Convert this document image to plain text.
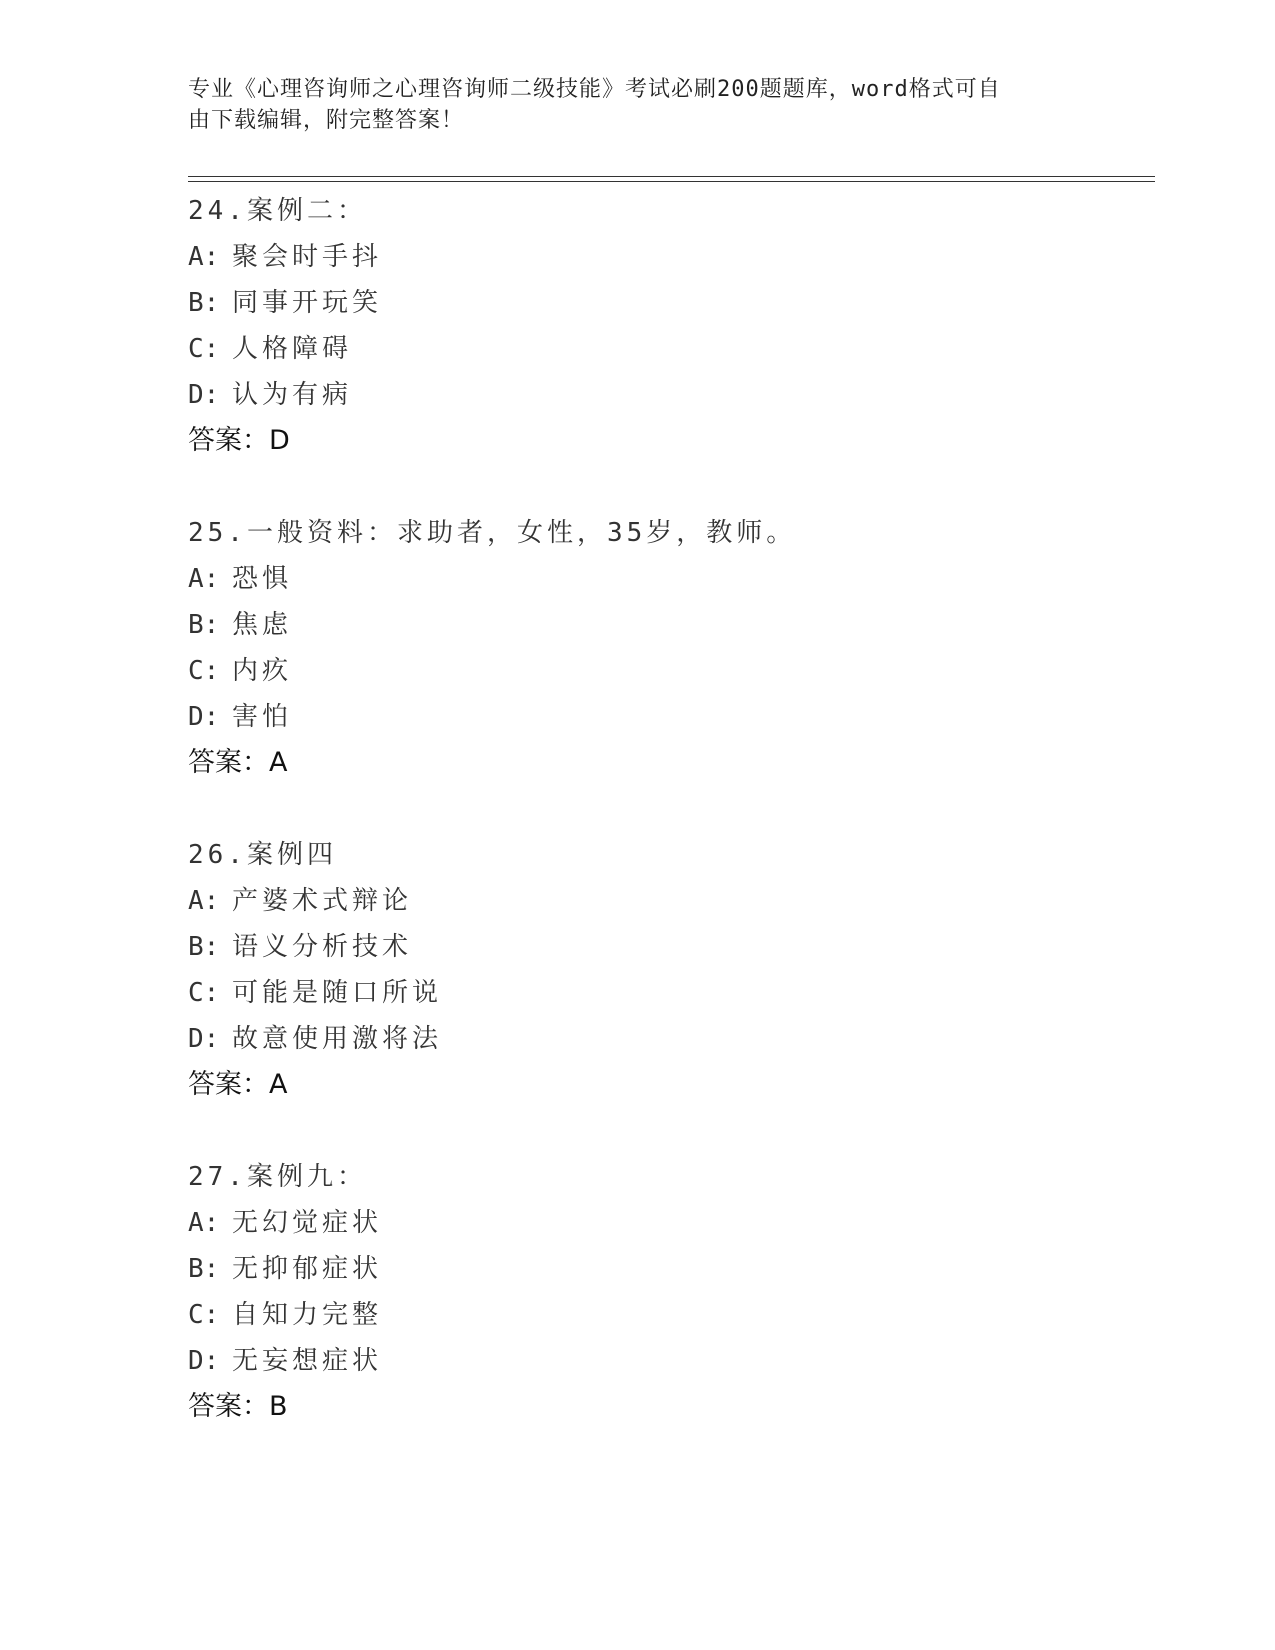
专业《心理咨询师之心理咨询师二级技能》考试必刷200题题库，word格式可自
由下载编辑，附完整答案！
24.案例二：
A: 聚会时手抖
B: 同事开玩笑
C: 人格障碍
D: 认为有病
答案：D
25.一般资料：求助者，女性，35岁，教师。
A: 恐惧
B: 焦虑
C: 内疚
D: 害怕
答案：A
26.案例四
A: 产婆术式辩论
B: 语义分析技术
C: 可能是随口所说
D: 故意使用激将法
答案：A
27.案例九：
A: 无幻觉症状
B: 无抑郁症状
C: 自知力完整
D: 无妄想症状
答案：B
